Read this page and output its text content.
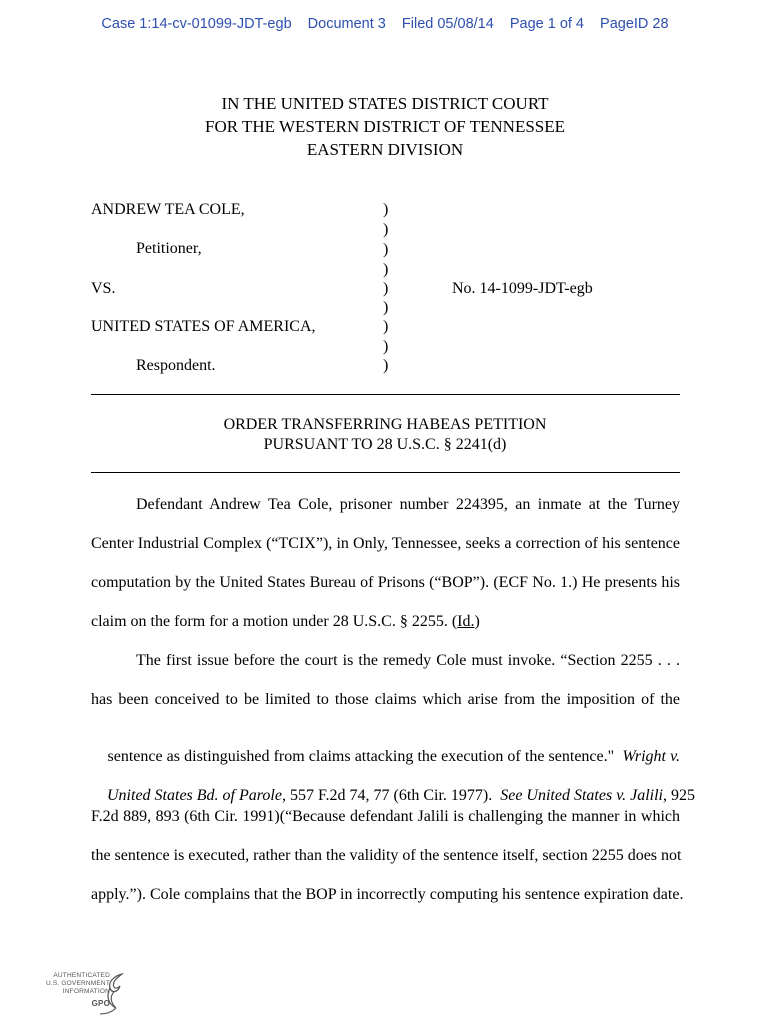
Case 1:14-cv-01099-JDT-egb Document 3 Filed 05/08/14 Page 1 of 4 PageID 28
IN THE UNITED STATES DISTRICT COURT
FOR THE WESTERN DISTRICT OF TENNESSEE
EASTERN DIVISION
ANDREW TEA COLE,
Petitioner,
VS.
UNITED STATES OF AMERICA,
Respondent.
No. 14-1099-JDT-egb
)
)
)
)
)
)
)
)
)
ORDER TRANSFERRING HABEAS PETITION
PURSUANT TO 28 U.S.C. § 2241(d)
Defendant Andrew Tea Cole, prisoner number 224395, an inmate at the Turney
Center Industrial Complex (“TCIX”), in Only, Tennessee, seeks a correction of his sentence
computation by the United States Bureau of Prisons (“BOP”). (ECF No. 1.) He presents his
claim on the form for a motion under 28 U.S.C. § 2255. (Id.)
The first issue before the court is the remedy Cole must invoke. “Section 2255 . . .
has been conceived to be limited to those claims which arise from the imposition of the

sentence as distinguished from claims attacking the execution of the sentence."  Wright v.

United States Bd. of Parole, 557 F.2d 74, 77 (6th Cir. 1977).  See United States v. Jalili, 925

F.2d 889, 893 (6th Cir. 1991)(“Because defendant Jalili is challenging the manner in which
the sentence is executed, rather than the validity of the sentence itself, section 2255 does not
apply.”). Cole complains that the BOP in incorrectly computing his sentence expiration date.
AUTHENTICATED
U.S. GOVERNMENT
INFORMATION
GPO
